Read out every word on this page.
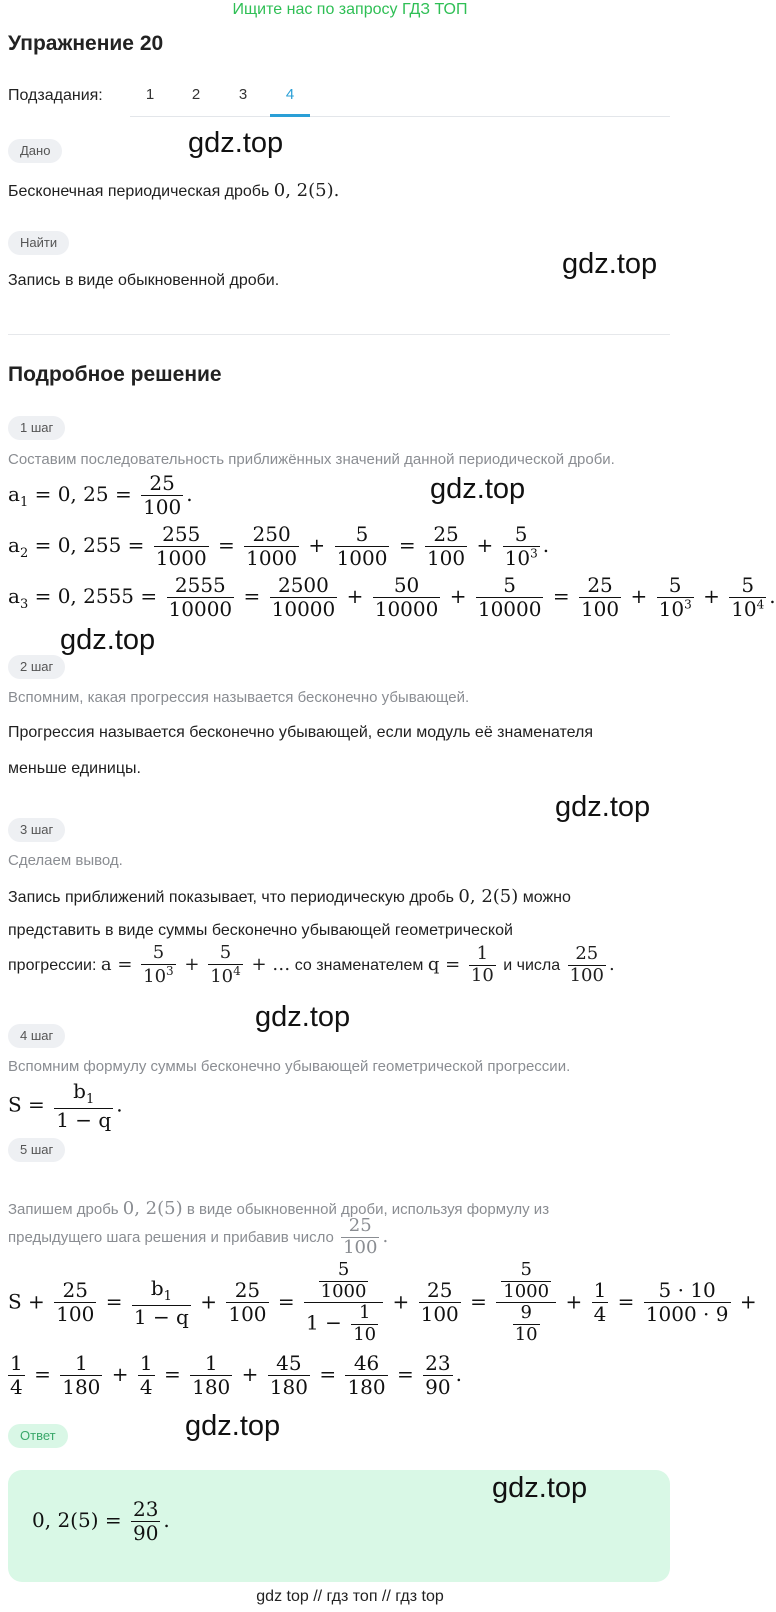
Ищите нас по запросу ГДЗ ТОП
Упражнение 20
Подзадания:	1	2	3	4
Дано
Бесконечная периодическая дробь 0, 2(5).
Найти
Запись в виде обыкновенной дроби.
Подробное решение
1 шаг
Составим последовательность приближённых значений данной периодической дроби.
$a_1 = 0$, $25 = \frac{25}{100}$ .
$a_2 = 0$, $255 = \frac{255}{1000} = \frac{250}{1000} + \frac{5}{1000} = \frac{25}{100} + \frac{5}{10^3}$ .
$a_3 = 0$, $2555 = \frac{2555}{10000} = \frac{2500}{10000} + \frac{50}{10000} + \frac{5}{10000} = \frac{25}{100} + \frac{5}{10^3} + \frac{5}{10^4}$ .
2 шаг
Вспомним, какая прогрессия называется бесконечно убывающей.
Прогрессия называется бесконечно убывающей, если модуль её знаменателя
меньше единицы.
3 шаг
Сделаем вывод.
Запись приближений показывает, что периодическую дробь 0, 2(5) можно
представить в виде суммы бесконечно убывающей геометрической
прогрессии: $a = \frac{5}{10^3} + \frac{5}{10^4}$ + … со знаменателем $q = \frac{1}{10}$ и числа $\frac{25}{100}$ .
4 шаг
Вспомним формулу суммы бесконечно убывающей геометрической прогрессии.
$S = \frac{b_1}{1 - q}$ .
5 шаг
Запишем дробь 0, 2(5) в виде обыкновенной дроби, используя формулу из
предыдущего шага решения и прибавив число $\frac{25}{100}$ .
$S + \frac{25}{100} = \frac{b_1}{1 - q} + \frac{25}{100} = \frac{\frac{5}{1000}}{1 - \frac{1}{10}} + \frac{25}{100} = \frac{\frac{5}{1000}}{\frac{9}{10}} + \frac{1}{4} = \frac{5 \cdot 10}{1000 \cdot 9}$ +
$\frac{1}{4} = \frac{1}{180} + \frac{1}{4} = \frac{1}{180} + \frac{45}{180} = \frac{46}{180} = \frac{23}{90}$ .
Ответ
0, $2(5) = \frac{23}{90}$ .
gdz.top
gdz.top
gdz.top
gdz.top
gdz.top
gdz.top
gdz.top
gdz.top
gdz top // гдз топ // гдз top
